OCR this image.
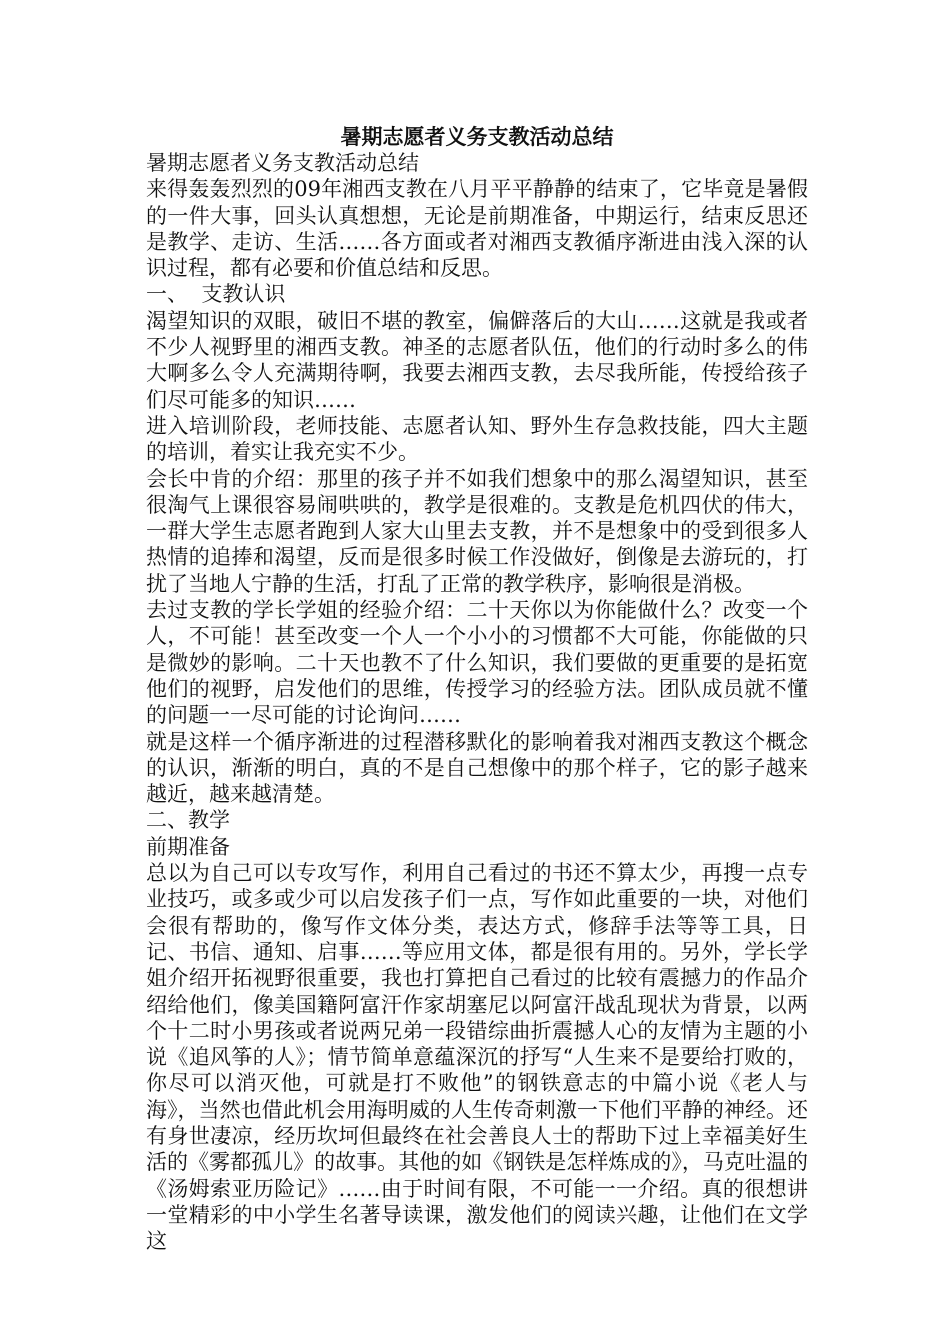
暑期志愿者义务支教活动总结

暑期志愿者义务支教活动总结

来得轰轰烈烈的09年湘西支教在八月平平静静的结束了，它毕竟是暑假的一件大事，回头认真想想，无论是前期准备，中期运行，结束反思还是教学、走访、生活……各方面或者对湘西支教循序渐进由浅入深的认识过程，都有必要和价值总结和反思。

一、  支教认识

渴望知识的双眼，破旧不堪的教室，偏僻落后的大山……这就是我或者不少人视野里的湘西支教。神圣的志愿者队伍，他们的行动时多么的伟大啊多么令人充满期待啊，我要去湘西支教，去尽我所能，传授给孩子们尽可能多的知识……

进入培训阶段，老师技能、志愿者认知、野外生存急救技能，四大主题的培训，着实让我充实不少。

会长中肯的介绍：那里的孩子并不如我们想象中的那么渴望知识，甚至很淘气上课很容易闹哄哄的，教学是很难的。支教是危机四伏的伟大，一群大学生志愿者跑到人家大山里去支教，并不是想象中的受到很多人热情的追捧和渴望，反而是很多时候工作没做好，倒像是去游玩的，打扰了当地人宁静的生活，打乱了正常的教学秩序，影响很是消极。

去过支教的学长学姐的经验介绍：二十天你以为你能做什么？改变一个人，不可能！甚至改变一个人一个小小的习惯都不大可能，你能做的只是微妙的影响。二十天也教不了什么知识，我们要做的更重要的是拓宽他们的视野，启发他们的思维，传授学习的经验方法。团队成员就不懂的问题一一尽可能的讨论询问……

就是这样一个循序渐进的过程潜移默化的影响着我对湘西支教这个概念的认识，渐渐的明白，真的不是自己想像中的那个样子，它的影子越来越近，越来越清楚。

二、教学

前期准备

总以为自己可以专攻写作，利用自己看过的书还不算太少，再搜一点专业技巧，或多或少可以启发孩子们一点，写作如此重要的一块，对他们会很有帮助的，像写作文体分类，表达方式，修辞手法等等工具，日记、书信、通知、启事……等应用文体，都是很有用的。另外，学长学姐介绍开拓视野很重要，我也打算把自己看过的比较有震撼力的作品介绍给他们，像美国籍阿富汗作家胡塞尼以阿富汗战乱现状为背景，以两个十二时小男孩或者说两兄弟一段错综曲折震撼人心的友情为主题的小说《追风筝的人》；情节简单意蕴深沉的抒写“人生来不是要给打败的，你尽可以消灭他，可就是打不败他”的钢铁意志的中篇小说《老人与海》，当然也借此机会用海明威的人生传奇刺激一下他们平静的神经。还有身世凄凉，经历坎坷但最终在社会善良人士的帮助下过上幸福美好生活的《雾都孤儿》的故事。其他的如《钢铁是怎样炼成的》，马克吐温的《汤姆索亚历险记》……由于时间有限，不可能一一介绍。真的很想讲一堂精彩的中小学生名著导读课，激发他们的阅读兴趣，让他们在文学这
